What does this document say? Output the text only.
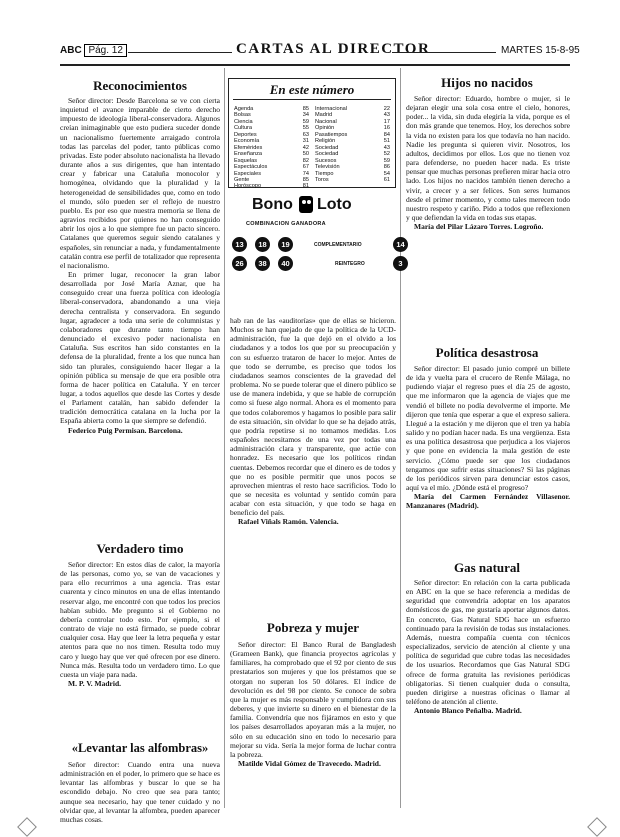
ABC Pág. 12	CARTAS AL DIRECTOR	MARTES 15-8-95
Reconocimientos

Señor director: Desde Barcelona se ve con cierta inquietud el avance imparable de cierto derecho impuesto de ideología liberal-conservadora. Algunos creían inimaginable que esto pudiera suceder donde un nacionalismo fuertemente arraigado controla todas las parcelas del poder, tanto públicas como privadas. Este poder absoluto nacionalista ha llevado durante años a sus dirigentes, que han intentado crear y fabricar una Cataluña monocolor y homogénea, olvidando que la pluralidad y la heterogeneidad de sensibilidades que, como en todo el mundo, sólo pueden ser el reflejo de nuestro pueblo. Es por eso que nuestra memoria se llena de agravios recibidos por quienes no han conseguido abrir los ojos a lo que siempre fue un pacto sincero. Catalanes que queremos seguir siendo catalanes y españoles, sin renunciar a nada, y fundamentalmente catalán contra ese perfil de totalizador que representa el nacionalismo.

En primer lugar, reconocer la gran labor desarrollada por José María Aznar, que ha conseguido crear una fuerza política con ideología liberal-conservadora, abandonando a una vieja derecha centralista y conservadora. En segundo lugar, agradecer a toda una serie de columnistas y colaboradores que durante tanto tiempo han denunciado el excesivo poder nacionalista en Cataluña. Sus escritos han sido constantes en la defensa de la pluralidad, frente a los que nunca han sido tan plurales, consiguiendo hacer llegar a la opinión pública su mensaje de que era posible otra forma de hacer política en Cataluña. Y en tercer lugar, a todos aquellos que desde las Cortes y desde el Parlament catalán, han sabido defender la tradición democrática catalana en la lucha por la España abierta como la que siempre se defendió.

Federico Puig Permisan. Barcelona.

Verdadero timo

Señor director: En estos días de calor, la mayoría de las personas, como yo, se van de vacaciones y para ello recurrimos a una agencia. Tras estar cuarenta y cinco minutos en una de ellas intentando reservar algo, me encontré con que todos los precios habían subido. Me pregunto si el Gobierno no debería controlar todo esto. Por ejemplo, si el contrato de viaje no está firmado, se puede cobrar cualquier cosa. Hay que leer la letra pequeña y estar atentos para que no nos timen. Resulta todo muy caro y luego hay que ver qué ofrecen por ese dinero. Nunca más. Resulta todo un verdadero timo. Lo que cuesta un viaje para nada.

M. P. V. Madrid.

«Levantar las alfombras»

Señor director: Cuando entra una nueva administración en el poder, lo primero que se hace es levantar las alfombras y buscar lo que se ha escondido debajo. No creo que sea para tanto; aunque sea necesario, hay que tener cuidado y no olvidar que, al levantar la alfombra, pueden aparecer muchas cosas.

En este número
Agenda	85
Bolsas	34
Ciencia	59
Cultura	55
Deportes	63
Economía	31
Efemérides	42
Enseñanza	50
Esquelas	82
Espectáculos	67
Especiales	74
Gente	85
Horóscopo	81
Internacional	22
Madrid	43
Nacional	17
Opinión	16
Pasatiempos	84
Religión	51
Sociedad	43
Sociedad	52
Sucesos	59
Televisión	86
Tiempo	54
Toros	61
Bono Loto
COMBINACION GANADORA
13	18	19
26	38	40
COMPLEMENTARIO	14
REINTEGRO	3

hab ran de las «auditorías» que de ellas se hicieron. Muchos se han quejado de que la política de la UCD-administración, fue la que dejó en el olvido a los ciudadanos y a todos los que por su preocupación y con su esfuerzo trataron de hacer lo mejor. Antes de que todo se derrumbe, es preciso que todos los ciudadanos seamos conscientes de la gravedad del problema. No se puede tolerar que el dinero público se use de manera indebida, y que se hable de corrupción como si fuese algo normal. Ahora es el momento para que todos colaboremos y hagamos lo posible para salir de esta situación, sin olvidar lo que se ha dejado atrás, que podría repetirse si no tomamos medidas. Los españoles necesitamos de una vez por todas una administración clara y transparente, que actúe con honradez. Es necesario que los políticos rindan cuentas. Debemos recordar que el dinero es de todos y que no es posible permitir que unos pocos se aprovechen mientras el resto hace sacrificios. Todo lo que se necesita es voluntad y sentido común para acabar con esta situación, y que todo se haga en beneficio del país.

Rafael Viñals Ramón. Valencia.

Pobreza y mujer

Señor director: El Banco Rural de Bangladesh (Grameen Bank), que financia proyectos agrícolas y familiares, ha comprobado que el 92 por ciento de sus prestatarios son mujeres y que los préstamos que se otorgan no superan los 50 dólares. El índice de devolución es del 98 por ciento. Se conoce de sobra que la mujer es más responsable y cumplidora con sus deberes, y que invierte su dinero en el bienestar de la familia. Convendría que nos fijáramos en esto y que los países desarrollados apoyaran más a la mujer, no sólo en su educación sino en todo lo necesario para mejorar su vida. Sería la mejor forma de luchar contra la pobreza.

Matilde Vidal Gómez de Travecedo. Madrid.

Hijos no nacidos

Señor director: Eduardo, hombre o mujer, si le dejaran elegir una sola cosa entre el cielo, honores, poder... la vida, sin duda elegiría la vida, porque es el don más grande que tenemos. Hoy, los derechos sobre la vida no existen para los que todavía no han nacido. Nadie les pregunta si quieren vivir. Nosotros, los adultos, decidimos por ellos. Los que no tienen voz para defenderse, no pueden hacer nada. Es triste pensar que muchas personas prefieren mirar hacia otro lado. Los hijos no nacidos también tienen derecho a vivir, a crecer y a ser felices. Son seres humanos desde el primer momento, y como tales merecen todo nuestro respeto y cariño. Pido a todos que reflexionen y que defiendan la vida en todas sus etapas.

María del Pilar Lázaro Torres. Logroño.

Política desastrosa

Señor director: El pasado junio compré un billete de ida y vuelta para el crucero de Renfe Málaga, no pudiendo viajar el regreso pues el día 25 de agosto, que me informaron que la agencia de viajes que me vendió el billete no podía devolverme el importe. Me dijeron que tenía que esperar a que el expreso saliera. Llegué a la estación y me dijeron que el tren ya había salido y no podían hacer nada. Es una vergüenza. Esta es una política desastrosa que perjudica a los viajeros y que pone en evidencia la mala gestión de este servicio. ¿Cómo puede ser que los ciudadanos tengamos que sufrir estas situaciones? Si las páginas de los periódicos sirven para denunciar estos casos, aquí va el mío. ¿Dónde está el progreso?

María del Carmen Fernández Villasenor. Manzanares (Madrid).

Gas natural

Señor director: En relación con la carta publicada en ABC en la que se hace referencia a medidas de seguridad que convendría adoptar en los aparatos domésticos de gas, me gustaría aportar algunos datos. En concreto, Gas Natural SDG hace un esfuerzo continuado para la revisión de todas sus instalaciones. Además, nuestra compañía cuenta con técnicos especializados, servicio de atención al cliente y una política de seguridad que cubre todas las necesidades de los usuarios. Recordamos que Gas Natural SDG ofrece de forma gratuita las revisiones periódicas obligatorias. Si tienen cualquier duda o consulta, pueden dirigirse a nuestras oficinas o llamar al teléfono de atención al cliente.

Antonio Blanco Peñalba. Madrid.
